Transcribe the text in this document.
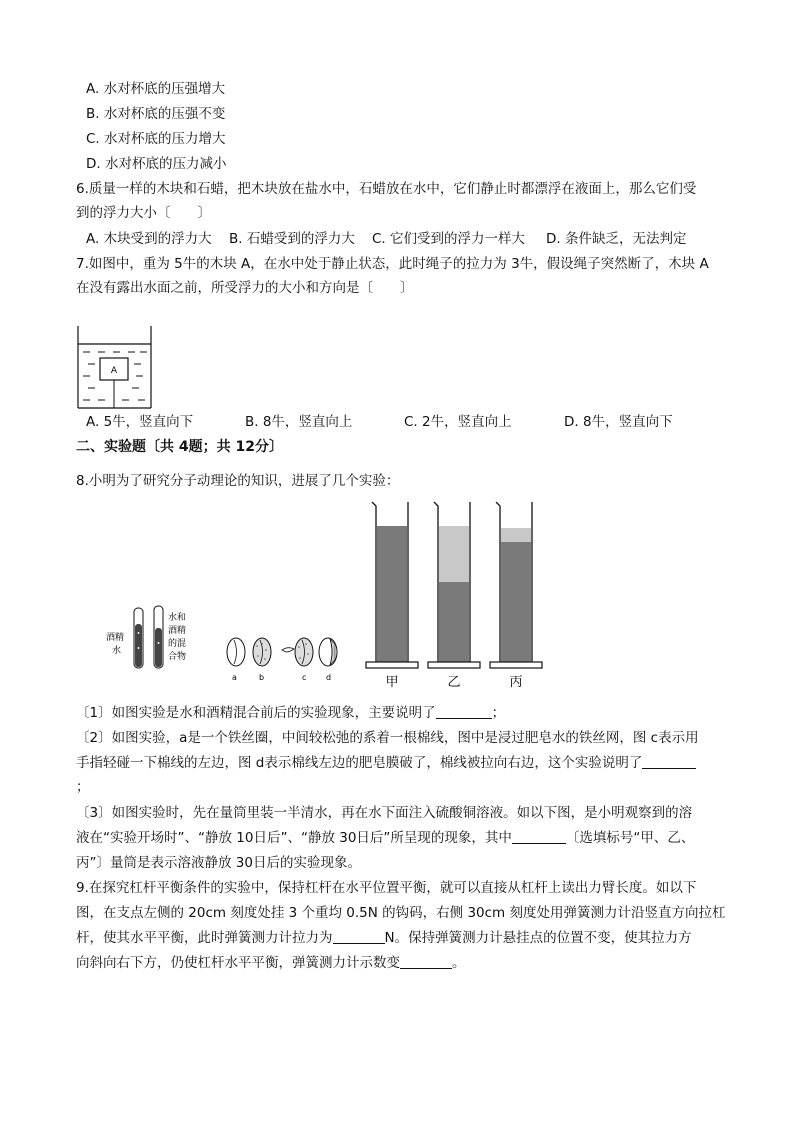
A. 水对杯底的压强增大
B. 水对杯底的压强不变
C. 水对杯底的压力增大
D. 水对杯底的压力减小
6.质量一样的木块和石蜡，把木块放在盐水中，石蜡放在水中，它们静止时都漂浮在液面上，那么它们受
到的浮力大小〔　　〕
A. 木块受到的浮力大 B. 石蜡受到的浮力大 C. 它们受到的浮力一样大 D. 条件缺乏，无法判定
7.如图中，重为 5牛的木块 A，在水中处于静止状态，此时绳子的拉力为 3牛，假设绳子突然断了，木块 A
在没有露出水面之前，所受浮力的大小和方向是〔　　〕
A
A. 5牛，竖直向下	B. 8牛，竖直向上	C. 2牛，竖直向上	D. 8牛，竖直向下
二、实验题〔共 4题；共 12分〕
8.小明为了研究分子动理论的知识，进展了几个实验：
酒精
水
水和
酒精
的混
合物
a	b	c d	甲	乙	丙
〔1〕如图实验是水和酒精混合前后的实验现象，主要说明了	；
〔2〕如图实验，a是一个铁丝圈，中间较松弛的系着一根棉线，图中是浸过肥皂水的铁丝网，图 c表示用
手指轻碰一下棉线的左边，图 d表示棉线左边的肥皂膜破了，棉线被拉向右边，这个实验说明了
；
〔3〕如图实验时，先在量筒里装一半清水，再在水下面注入硫酸铜溶液。如以下图，是小明观察到的溶
液在“实验开场时”、“静放 10日后”、“静放 30日后”所呈现的现象，其中	〔选填标号“甲、乙、
丙”〕量筒是表示溶液静放 30日后的实验现象。
9.在探究杠杆平衡条件的实验中，保持杠杆在水平位置平衡，就可以直接从杠杆上读出力臂长度。如以下
图，在支点左侧的 20cm 刻度处挂 3 个重均 0.5N 的钩码，右侧 30cm 刻度处用弹簧测力计沿竖直方向拉杠
杆，使其水平平衡，此时弹簧测力计拉力为	N。保持弹簧测力计悬挂点的位置不变，使其拉力方
向斜向右下方，仍使杠杆水平平衡，弹簧测力计示数变	。
